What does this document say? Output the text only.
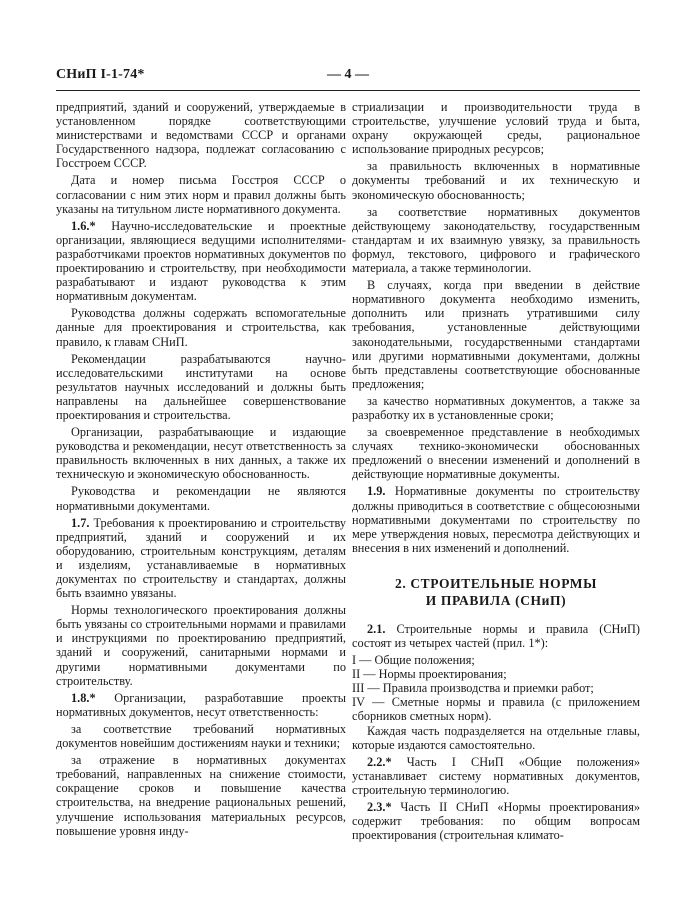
СНиП I-1-74*	— 4 —

предприятий, зданий и сооружений, утверждаемые в установленном порядке соответствующими министерствами и ведомствами СССР и органами Государственного надзора, подлежат согласованию с Госстроем СССР.

Дата и номер письма Госстроя СССР о согласовании с ним этих норм и правил должны быть указаны на титульном листе нормативного документа.

1.6.* Научно-исследовательские и проектные организации, являющиеся ведущими исполнителями-разработчиками проектов нормативных документов по проектированию и строительству, при необходимости разрабатывают и издают руководства к этим нормативным документам.

Руководства должны содержать вспомогательные данные для проектирования и строительства, как правило, к главам СНиП.

Рекомендации разрабатываются научно-исследовательскими институтами на основе результатов научных исследований и должны быть направлены на дальнейшее совершенствование проектирования и строительства.

Организации, разрабатывающие и издающие руководства и рекомендации, несут ответственность за правильность включенных в них данных, а также их техническую и экономическую обоснованность.

Руководства и рекомендации не являются нормативными документами.

1.7. Требования к проектированию и строительству предприятий, зданий и сооружений и их оборудованию, строительным конструкциям, деталям и изделиям, устанавливаемые в нормативных документах по строительству и стандартах, должны быть взаимно увязаны.

Нормы технологического проектирования должны быть увязаны со строительными нормами и правилами и инструкциями по проектированию предприятий, зданий и сооружений, санитарными нормами и другими нормативными документами по строительству.

1.8.* Организации, разработавшие проекты нормативных документов, несут ответственность:

за соответствие требований нормативных документов новейшим достижениям науки и техники;

за отражение в нормативных документах требований, направленных на снижение стоимости, сокращение сроков и повышение качества строительства, на внедрение рациональных решений, улучшение использования материальных ресурсов, повышение уровня инду-

стриализации и производительности труда в строительстве, улучшение условий труда и быта, охрану окружающей среды, рациональное использование природных ресурсов;

за правильность включенных в нормативные документы требований и их техническую и экономическую обоснованность;

за соответствие нормативных документов действующему законодательству, государственным стандартам и их взаимную увязку, за правильность формул, текстового, цифрового и графического материала, а также терминологии.

В случаях, когда при введении в действие нормативного документа необходимо изменить, дополнить или признать утратившими силу требования, установленные действующими законодательными, государственными стандартами или другими нормативными документами, должны быть представлены соответствующие обоснованные предложения;

за качество нормативных документов, а также за разработку их в установленные сроки;

за своевременное представление в необходимых случаях технико-экономически обоснованных предложений о внесении изменений и дополнений в действующие нормативные документы.

1.9. Нормативные документы по строительству должны приводиться в соответствие с общесоюзными нормативными документами по строительству по мере утверждения новых, пересмотра действующих и внесения в них изменений и дополнений.

2. СТРОИТЕЛЬНЫЕ НОРМЫ
И ПРАВИЛА (СНиП)

2.1. Строительные нормы и правила (СНиП) состоят из четырех частей (прил. 1*):

I — Общие положения;

II — Нормы проектирования;

III — Правила производства и приемки работ;

IV — Сметные нормы и правила (с приложением сборников сметных норм).

Каждая часть подразделяется на отдельные главы, которые издаются самостоятельно.

2.2.* Часть I СНиП «Общие положения» устанавливает систему нормативных документов, строительную терминологию.

2.3.* Часть II СНиП «Нормы проектирования» содержит требования: по общим вопросам проектирования (строительная климато-
